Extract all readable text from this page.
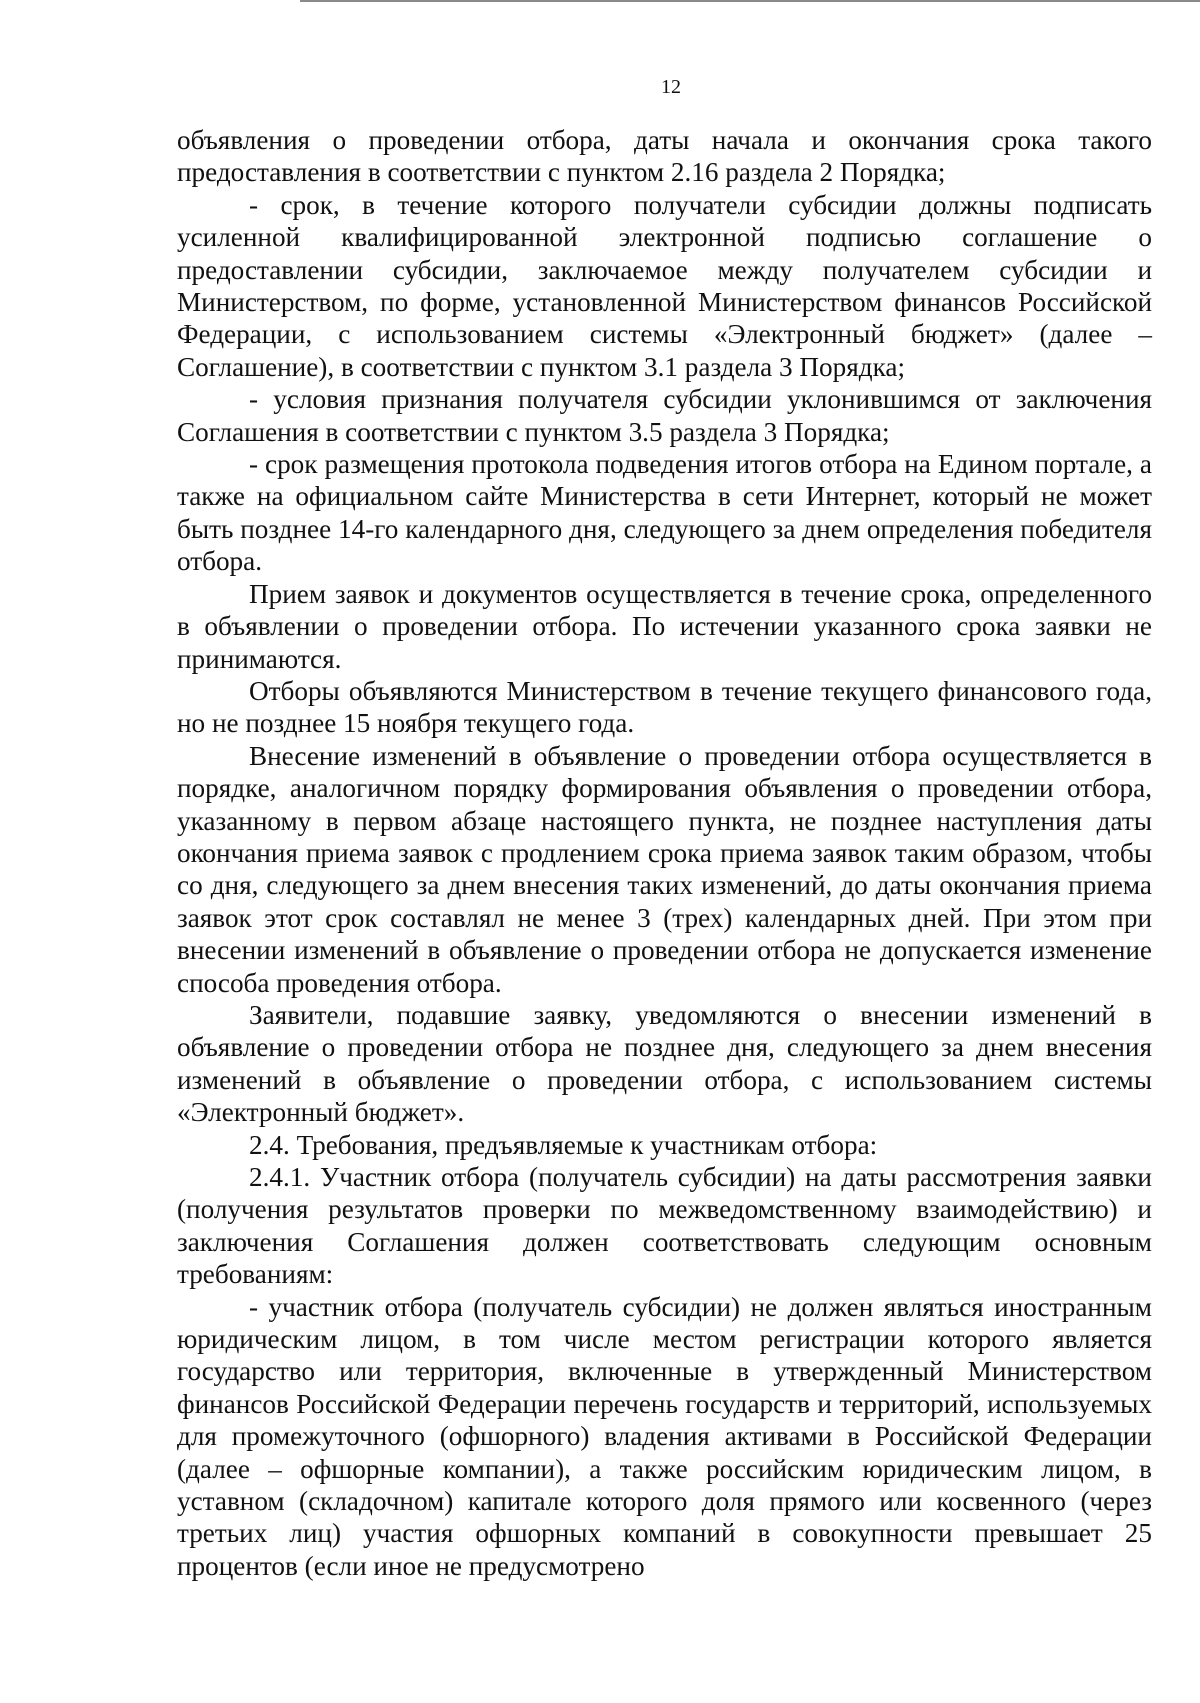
12

объявления о проведении отбора, даты начала и окончания срока такого предоставления в соответствии с пунктом 2.16 раздела 2 Порядка;

- срок, в течение которого получатели субсидии должны подписать усиленной квалифицированной электронной подписью соглашение о предоставлении субсидии, заключаемое между получателем субсидии и Министерством, по форме, установленной Министерством финансов Российской Федерации, с использованием системы «Электронный бюджет» (далее – Соглашение), в соответствии с пунктом 3.1 раздела 3 Порядка;

- условия признания получателя субсидии уклонившимся от заключения Соглашения в соответствии с пунктом 3.5 раздела 3 Порядка;

- срок размещения протокола подведения итогов отбора на Едином портале, а также на официальном сайте Министерства в сети Интернет, который не может быть позднее 14-го календарного дня, следующего за днем определения победителя отбора.

Прием заявок и документов осуществляется в течение срока, определенного в объявлении о проведении отбора. По истечении указанного срока заявки не принимаются.

Отборы объявляются Министерством в течение текущего финансового года, но не позднее 15 ноября текущего года.

Внесение изменений в объявление о проведении отбора осуществляется в порядке, аналогичном порядку формирования объявления о проведении отбора, указанному в первом абзаце настоящего пункта, не позднее наступления даты окончания приема заявок с продлением срока приема заявок таким образом, чтобы со дня, следующего за днем внесения таких изменений, до даты окончания приема заявок этот срок составлял не менее 3 (трех) календарных дней. При этом при внесении изменений в объявление о проведении отбора не допускается изменение способа проведения отбора.

Заявители, подавшие заявку, уведомляются о внесении изменений в объявление о проведении отбора не позднее дня, следующего за днем внесения изменений в объявление о проведении отбора, с использованием системы «Электронный бюджет».

2.4. Требования, предъявляемые к участникам отбора:

2.4.1. Участник отбора (получатель субсидии) на даты рассмотрения заявки (получения результатов проверки по межведомственному взаимодействию) и заключения Соглашения должен соответствовать следующим основным требованиям:

- участник отбора (получатель субсидии) не должен являться иностранным юридическим лицом, в том числе местом регистрации которого является государство или территория, включенные в утвержденный Министерством финансов Российской Федерации перечень государств и территорий, используемых для промежуточного (офшорного) владения активами в Российской Федерации (далее – офшорные компании), а также российским юридическим лицом, в уставном (складочном) капитале которого доля прямого или косвенного (через третьих лиц) участия офшорных компаний в совокупности превышает 25 процентов (если иное не предусмотрено
